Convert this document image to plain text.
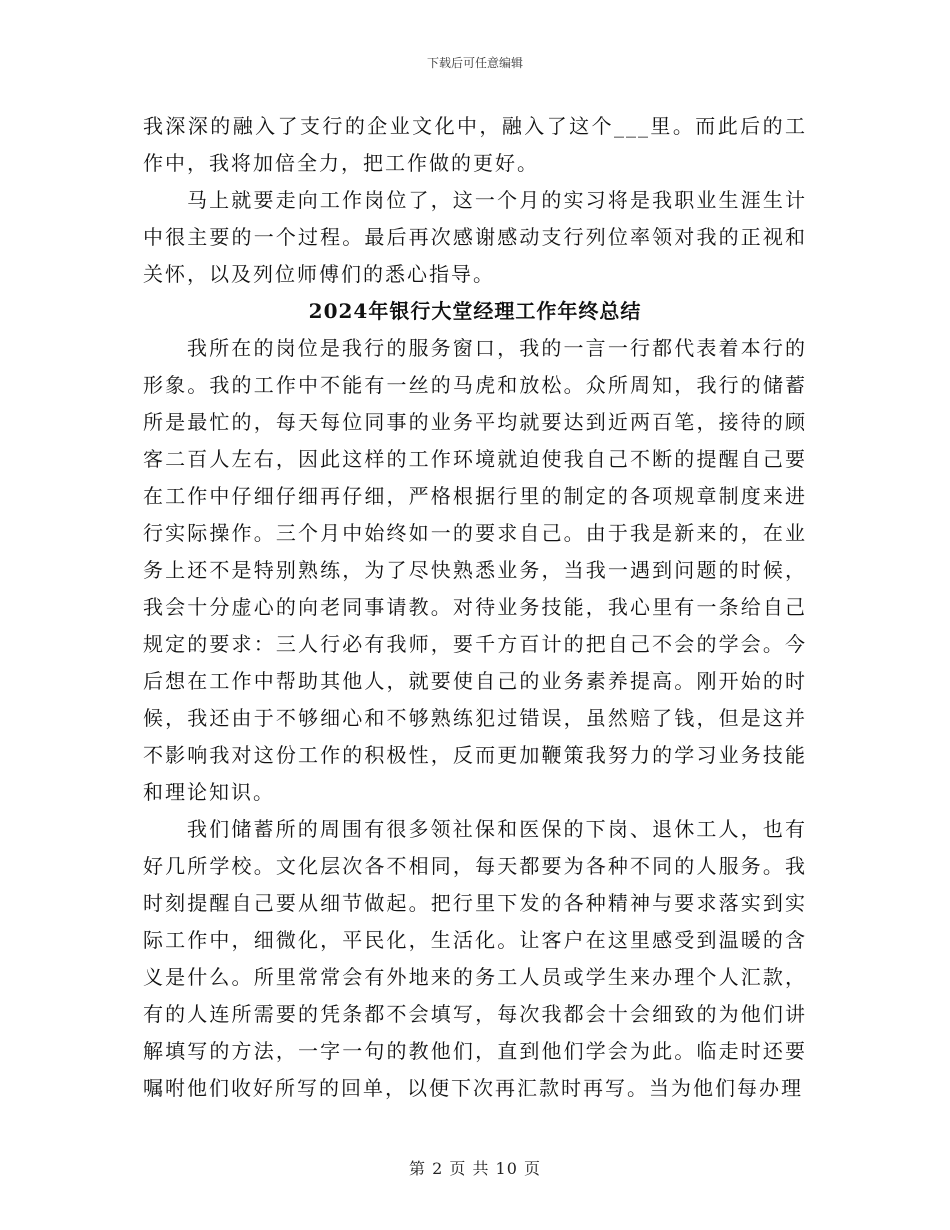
下载后可任意编辑

我深深的融入了支行的企业文化中，融入了这个___里。而此后的工作中，我将加倍全力，把工作做的更好。

马上就要走向工作岗位了，这一个月的实习将是我职业生涯生计中很主要的一个过程。最后再次感谢感动支行列位率领对我的正视和关怀，以及列位师傅们的悉心指导。

2024年银行大堂经理工作年终总结

我所在的岗位是我行的服务窗口，我的一言一行都代表着本行的形象。我的工作中不能有一丝的马虎和放松。众所周知，我行的储蓄所是最忙的，每天每位同事的业务平均就要达到近两百笔，接待的顾客二百人左右，因此这样的工作环境就迫使我自己不断的提醒自己要在工作中仔细仔细再仔细，严格根据行里的制定的各项规章制度来进行实际操作。三个月中始终如一的要求自己。由于我是新来的，在业务上还不是特别熟练，为了尽快熟悉业务，当我一遇到问题的时候，我会十分虚心的向老同事请教。对待业务技能，我心里有一条给自己规定的要求：三人行必有我师，要千方百计的把自己不会的学会。今后想在工作中帮助其他人，就要使自己的业务素养提高。刚开始的时候，我还由于不够细心和不够熟练犯过错误，虽然赔了钱，但是这并不影响我对这份工作的积极性，反而更加鞭策我努力的学习业务技能和理论知识。

我们储蓄所的周围有很多领社保和医保的下岗、退休工人，也有好几所学校。文化层次各不相同，每天都要为各种不同的人服务。我时刻提醒自己要从细节做起。把行里下发的各种精神与要求落实到实际工作中，细微化，平民化，生活化。让客户在这里感受到温暖的含义是什么。所里常常会有外地来的务工人员或学生来办理个人汇款，有的人连所需要的凭条都不会填写，每次我都会十会细致的为他们讲解填写的方法，一字一句的教他们，直到他们学会为此。临走时还要嘱咐他们收好所写的回单，以便下次再汇款时再写。当为他们每办理

第 2 页 共 10 页
